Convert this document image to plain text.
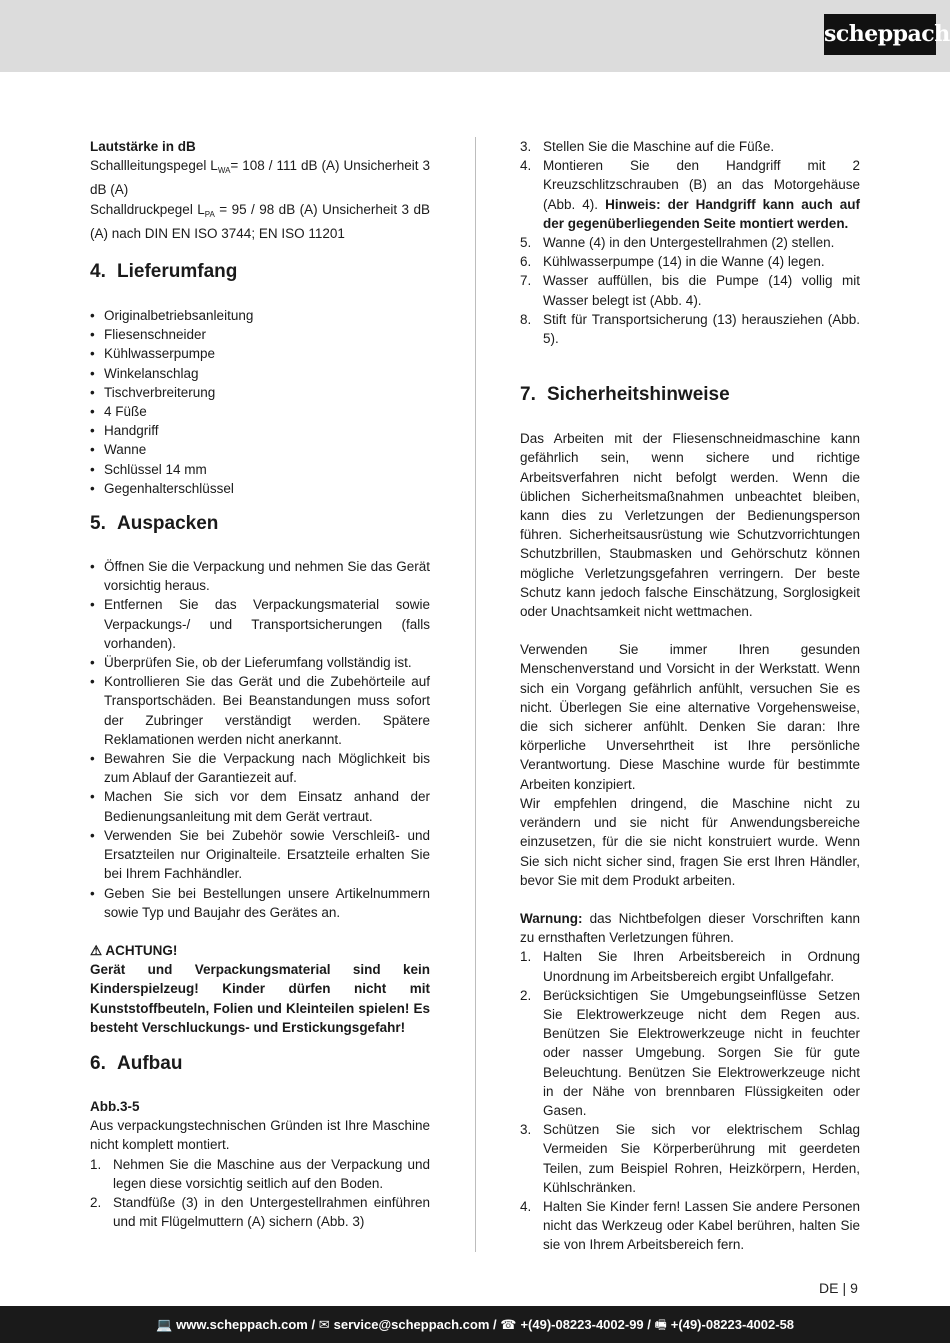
scheppach

Lautstärke in dB

Schallleitungspegel $L_{WA}= 108 / 111$ dB (A) Unsicherheit 3 dB (A)

Schalldruckpegel $L_{PA} = 95 / 98$ dB (A) Unsicherheit 3 dB (A) nach DIN EN ISO 3744; EN ISO 11201

4. Lieferumfang
• Originalbetriebsanleitung
• Fliesenschneider
• Kühlwasserpumpe
• Winkelanschlag
• Tischverbreiterung
• 4 Füße
• Handgriff
• Wanne
• Schlüssel 14 mm
• Gegenhalterschlüssel
5. Auspacken
• Öffnen Sie die Verpackung und nehmen Sie das Gerät vorsichtig heraus.
• Entfernen Sie das Verpackungsmaterial sowie Verpackungs-/ und Transportsicherungen (falls vorhanden).
• Überprüfen Sie, ob der Lieferumfang vollständig ist.
• Kontrollieren Sie das Gerät und die Zubehörteile auf Transportschäden. Bei Beanstandungen muss sofort der Zubringer verständigt werden. Spätere Reklamationen werden nicht anerkannt.
• Bewahren Sie die Verpackung nach Möglichkeit bis zum Ablauf der Garantiezeit auf.
• Machen Sie sich vor dem Einsatz anhand der Bedienungsanleitung mit dem Gerät vertraut.
• Verwenden Sie bei Zubehör sowie Verschleiß- und Ersatzteilen nur Originalteile. Ersatzteile erhalten Sie bei Ihrem Fachhändler.
• Geben Sie bei Bestellungen unsere Artikelnummern sowie Typ und Baujahr des Gerätes an.

⚠ ACHTUNG!

Gerät und Verpackungsmaterial sind kein Kinderspielzeug! Kinder dürfen nicht mit Kunststoffbeuteln, Folien und Kleinteilen spielen! Es besteht Verschluckungs- und Erstickungsgefahr!

6. Aufbau

Abb.3-5

Aus verpackungstechnischen Gründen ist Ihre Maschine nicht komplett montiert.

1. Nehmen Sie die Maschine aus der Verpackung und legen diese vorsichtig seitlich auf den Boden.
2. Standfüße (3) in den Untergestellrahmen einführen und mit Flügelmuttern (A) sichern (Abb. 3)
3. Stellen Sie die Maschine auf die Füße.
4. Montieren Sie den Handgriff mit 2 Kreuzschlitzschrauben (B) an das Motorgehäuse (Abb. 4). Hinweis: der Handgriff kann auch auf der gegenüberliegenden Seite montiert werden.
5. Wanne (4) in den Untergestellrahmen (2) stellen.
6. Kühlwasserpumpe (14) in die Wanne (4) legen.
7. Wasser auffüllen, bis die Pumpe (14) vollig mit Wasser belegt ist (Abb. 4).
8. Stift für Transportsicherung (13) herausziehen (Abb. 5).
7. Sicherheitshinweise

Das Arbeiten mit der Fliesenschneidmaschine kann gefährlich sein, wenn sichere und richtige Arbeitsverfahren nicht befolgt werden. Wenn die üblichen Sicherheitsmaßnahmen unbeachtet bleiben, kann dies zu Verletzungen der Bedienungsperson führen. Sicherheitsausrüstung wie Schutzvorrichtungen Schutzbrillen, Staubmasken und Gehörschutz können mögliche Verletzungsgefahren verringern. Der beste Schutz kann jedoch falsche Einschätzung, Sorglosigkeit oder Unachtsamkeit nicht wettmachen.

Verwenden Sie immer Ihren gesunden Menschenverstand und Vorsicht in der Werkstatt. Wenn sich ein Vorgang gefährlich anfühlt, versuchen Sie es nicht. Überlegen Sie eine alternative Vorgehensweise, die sich sicherer anfühlt. Denken Sie daran: Ihre körperliche Unversehrtheit ist Ihre persönliche Verantwortung. Diese Maschine wurde für bestimmte Arbeiten konzipiert.

Wir empfehlen dringend, die Maschine nicht zu verändern und sie nicht für Anwendungsbereiche einzusetzen, für die sie nicht konstruiert wurde. Wenn Sie sich nicht sicher sind, fragen Sie erst Ihren Händler, bevor Sie mit dem Produkt arbeiten.

Warnung: das Nichtbefolgen dieser Vorschriften kann zu ernsthaften Verletzungen führen.

1. Halten Sie Ihren Arbeitsbereich in Ordnung Unordnung im Arbeitsbereich ergibt Unfallgefahr.
2. Berücksichtigen Sie Umgebungseinflüsse Setzen Sie Elektrowerkzeuge nicht dem Regen aus. Benützen Sie Elektrowerkzeuge nicht in feuchter oder nasser Umgebung. Sorgen Sie für gute Beleuchtung. Benützen Sie Elektrowerkzeuge nicht in der Nähe von brennbaren Flüssigkeiten oder Gasen.
3. Schützen Sie sich vor elektrischem Schlag Vermeiden Sie Körperberührung mit geerdeten Teilen, zum Beispiel Rohren, Heizkörpern, Herden, Kühlschränken.
4. Halten Sie Kinder fern! Lassen Sie andere Personen nicht das Werkzeug oder Kabel berühren, halten Sie sie von Ihrem Arbeitsbereich fern.
DE | 9
💻 www.scheppach.com / ✉ service@scheppach.com / ☎ +(49)-08223-4002-99 / 🖷 +(49)-08223-4002-58
